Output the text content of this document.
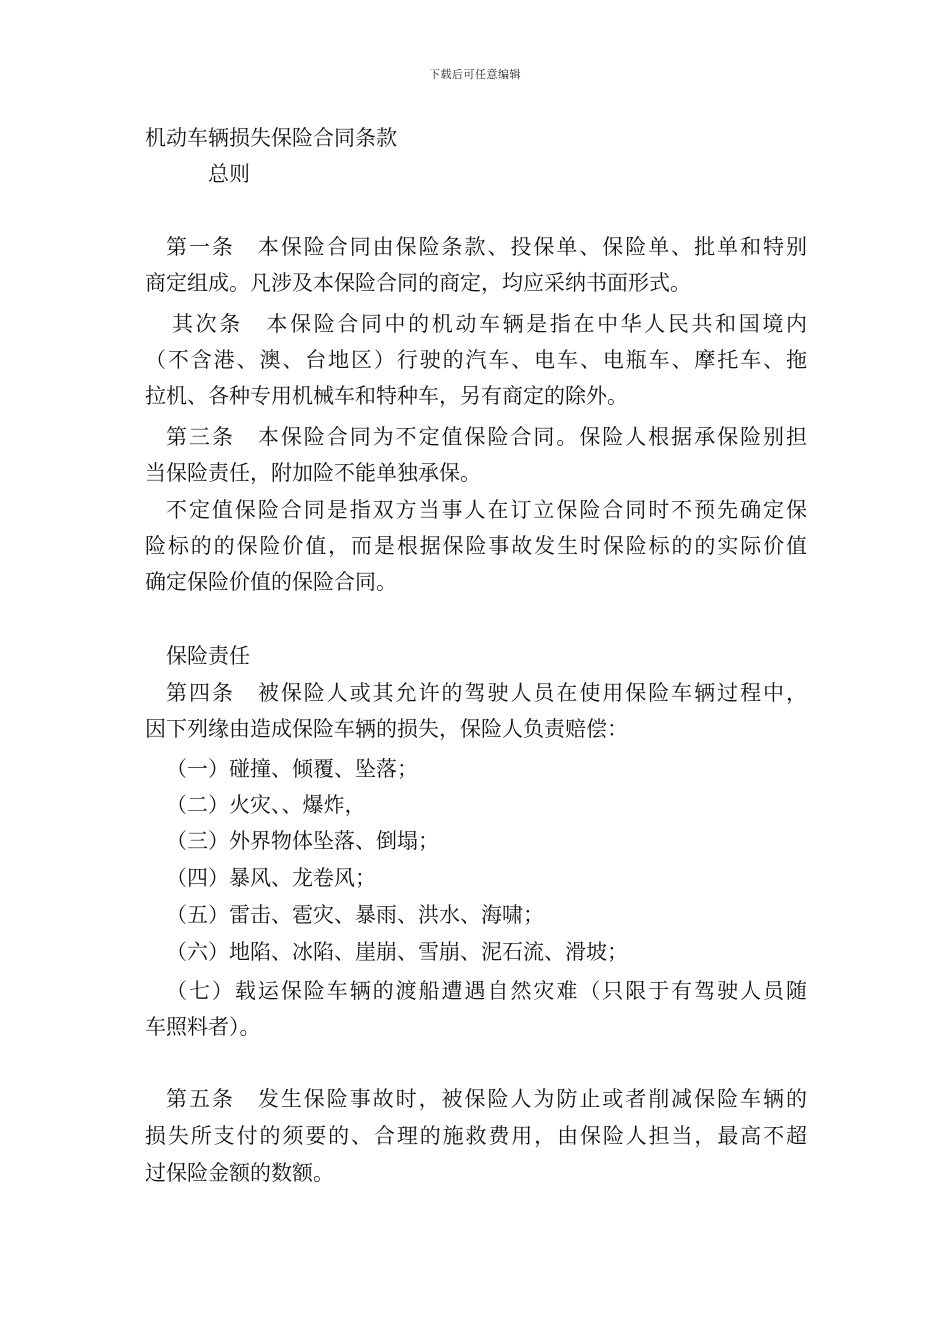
下载后可任意编辑
机动车辆损失保险合同条款
总则
第一条　本保险合同由保险条款、投保单、保险单、批单和特别
商定组成。凡涉及本保险合同的商定，均应采纳书面形式。
其次条　本保险合同中的机动车辆是指在中华人民共和国境内
（不含港、澳、台地区）行驶的汽车、电车、电瓶车、摩托车、拖
拉机、各种专用机械车和特种车，另有商定的除外。
第三条　本保险合同为不定值保险合同。保险人根据承保险别担
当保险责任，附加险不能单独承保。
不定值保险合同是指双方当事人在订立保险合同时不预先确定保
险标的的保险价值，而是根据保险事故发生时保险标的的实际价值
确定保险价值的保险合同。
保险责任
第四条　被保险人或其允许的驾驶人员在使用保险车辆过程中，
因下列缘由造成保险车辆的损失，保险人负责赔偿：
（一）碰撞、倾覆、坠落；
（二）火灾、、爆炸，
（三）外界物体坠落、倒塌；
（四）暴风、龙卷风；
（五）雷击、雹灾、暴雨、洪水、海啸；
（六）地陷、冰陷、崖崩、雪崩、泥石流、滑坡；
（七）载运保险车辆的渡船遭遇自然灾难（只限于有驾驶人员随
车照料者）。
第五条　发生保险事故时，被保险人为防止或者削减保险车辆的
损失所支付的须要的、合理的施救费用，由保险人担当，最高不超
过保险金额的数额。
